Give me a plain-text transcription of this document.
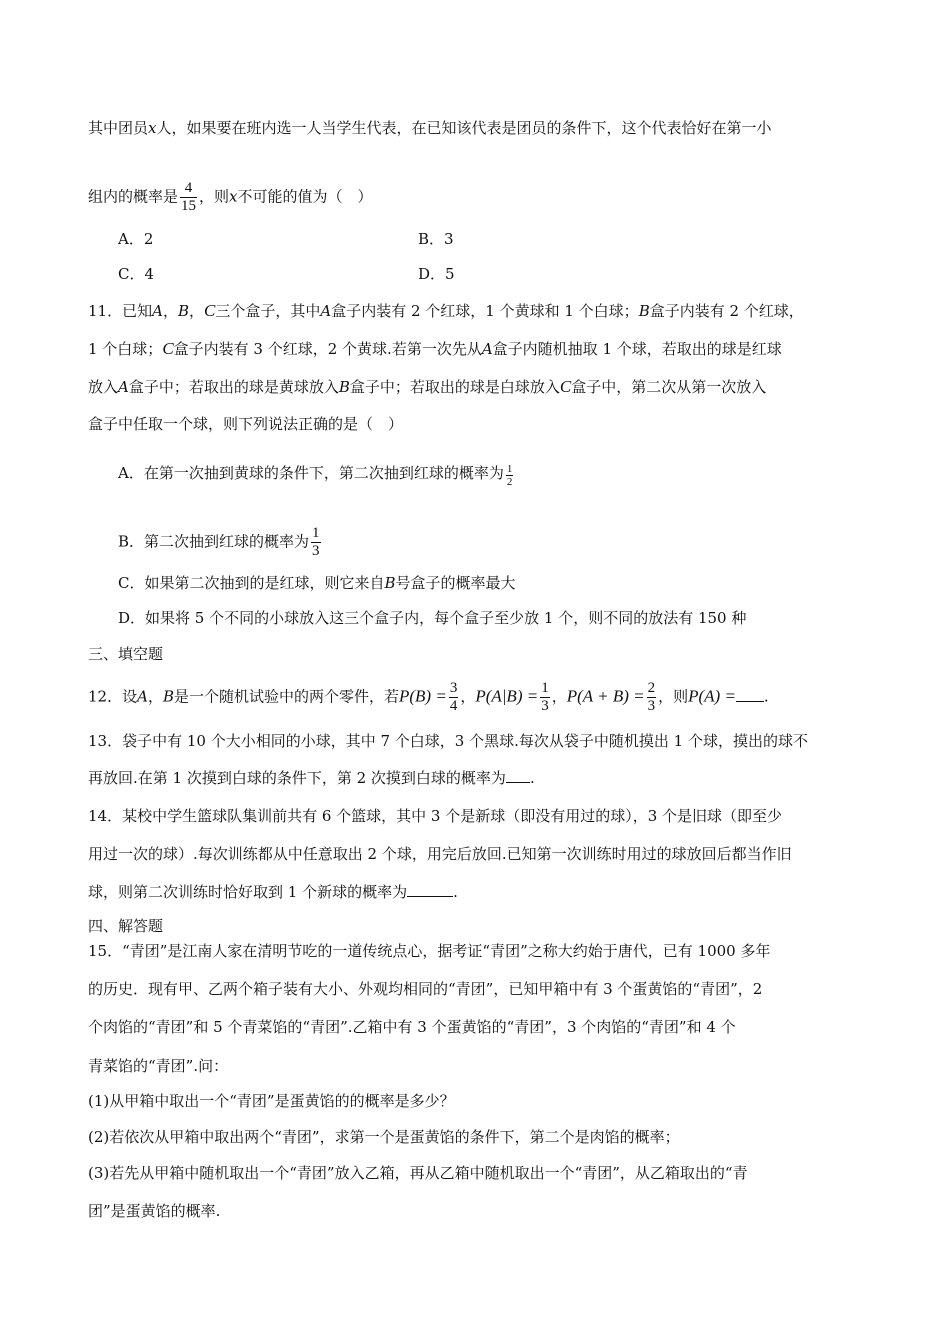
其中团员x人，如果要在班内选一人当学生代表，在已知该代表是团员的条件下，这个代表恰好在第一小
组内的概率是 $\frac{4}{15}$ ，则x不可能的值为（　）
A．2	B．3
C．4	D．5
11．已知A，B，C三个盒子，其中A盒子内装有 2 个红球，1 个黄球和 1 个白球；B盒子内装有 2 个红球，
1 个白球；C盒子内装有 3 个红球，2 个黄球.若第一次先从A盒子内随机抽取 1 个球，若取出的球是红球
放入A盒子中；若取出的球是黄球放入B盒子中；若取出的球是白球放入C盒子中，第二次从第一次放入
盒子中任取一个球，则下列说法正确的是（　）
A．在第一次抽到黄球的条件下，第二次抽到红球的概率为 $\frac{1}{2}$
B．第二次抽到红球的概率为 $\frac{1}{3}$
C．如果第二次抽到的是红球，则它来自B号盒子的概率最大
D．如果将 5 个不同的小球放入这三个盒子内，每个盒子至少放 1 个，则不同的放法有 150 种
三、填空题
12．设A，B是一个随机试验中的两个零件，若$P(B) = \frac{3}{4}$ ，$P(A|B) = \frac{1}{3}$ ，$P(A + B) = \frac{2}{3}$ ，则P(A) = .
13．袋子中有 10 个大小相同的小球，其中 7 个白球，3 个黑球.每次从袋子中随机摸出 1 个球，摸出的球不
再放回.在第 1 次摸到白球的条件下，第 2 次摸到白球的概率为 .
14．某校中学生篮球队集训前共有 6 个篮球，其中 3 个是新球（即没有用过的球），3 个是旧球（即至少
用过一次的球）.每次训练都从中任意取出 2 个球，用完后放回.已知第一次训练时用过的球放回后都当作旧
球，则第二次训练时恰好取到 1 个新球的概率为	.
四、解答题
15．“青团”是江南人家在清明节吃的一道传统点心，据考证“青团”之称大约始于唐代，已有 1000 多年
的历史．现有甲、乙两个箱子装有大小、外观均相同的“青团”，已知甲箱中有 3 个蛋黄馅的“青团”，2
个肉馅的“青团”和 5 个青菜馅的“青团”.乙箱中有 3 个蛋黄馅的“青团”，3 个肉馅的“青团”和 4 个
青菜馅的“青团”.问：
(1)从甲箱中取出一个“青团”是蛋黄馅的的概率是多少？
(2)若依次从甲箱中取出两个“青团”，求第一个是蛋黄馅的条件下，第二个是肉馅的概率；
(3)若先从甲箱中随机取出一个“青团”放入乙箱，再从乙箱中随机取出一个“青团”，从乙箱取出的“青
团”是蛋黄馅的概率.
